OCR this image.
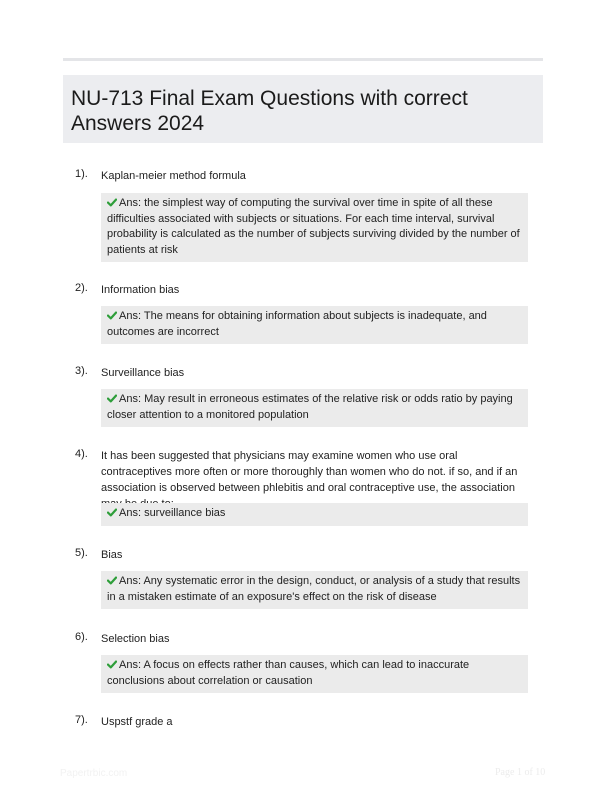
NU-713 Final Exam Questions with correct Answers 2024
1). Kaplan-meier method formula
Ans: the simplest way of computing the survival over time in spite of all these difficulties associated with subjects or situations. For each time interval, survival probability is calculated as the number of subjects surviving divided by the number of patients at risk
2). Information bias
Ans: The means for obtaining information about subjects is inadequate, and outcomes are incorrect
3). Surveillance bias
Ans: May result in erroneous estimates of the relative risk or odds ratio by paying closer attention to a monitored population
4). It has been suggested that physicians may examine women who use oral contraceptives more often or more thoroughly than women who do not. if so, and if an association is observed between phlebitis and oral contraceptive use, the association
Ans: surveillance bias
5). Bias
Ans: Any systematic error in the design, conduct, or analysis of a study that results in a mistaken estimate of an exposure's effect on the risk of disease
6). Selection bias
Ans: A focus on effects rather than causes, which can lead to inaccurate conclusions about correlation or causation
7). Uspstf grade a
Papertrbic.com	Page 1 of 10
